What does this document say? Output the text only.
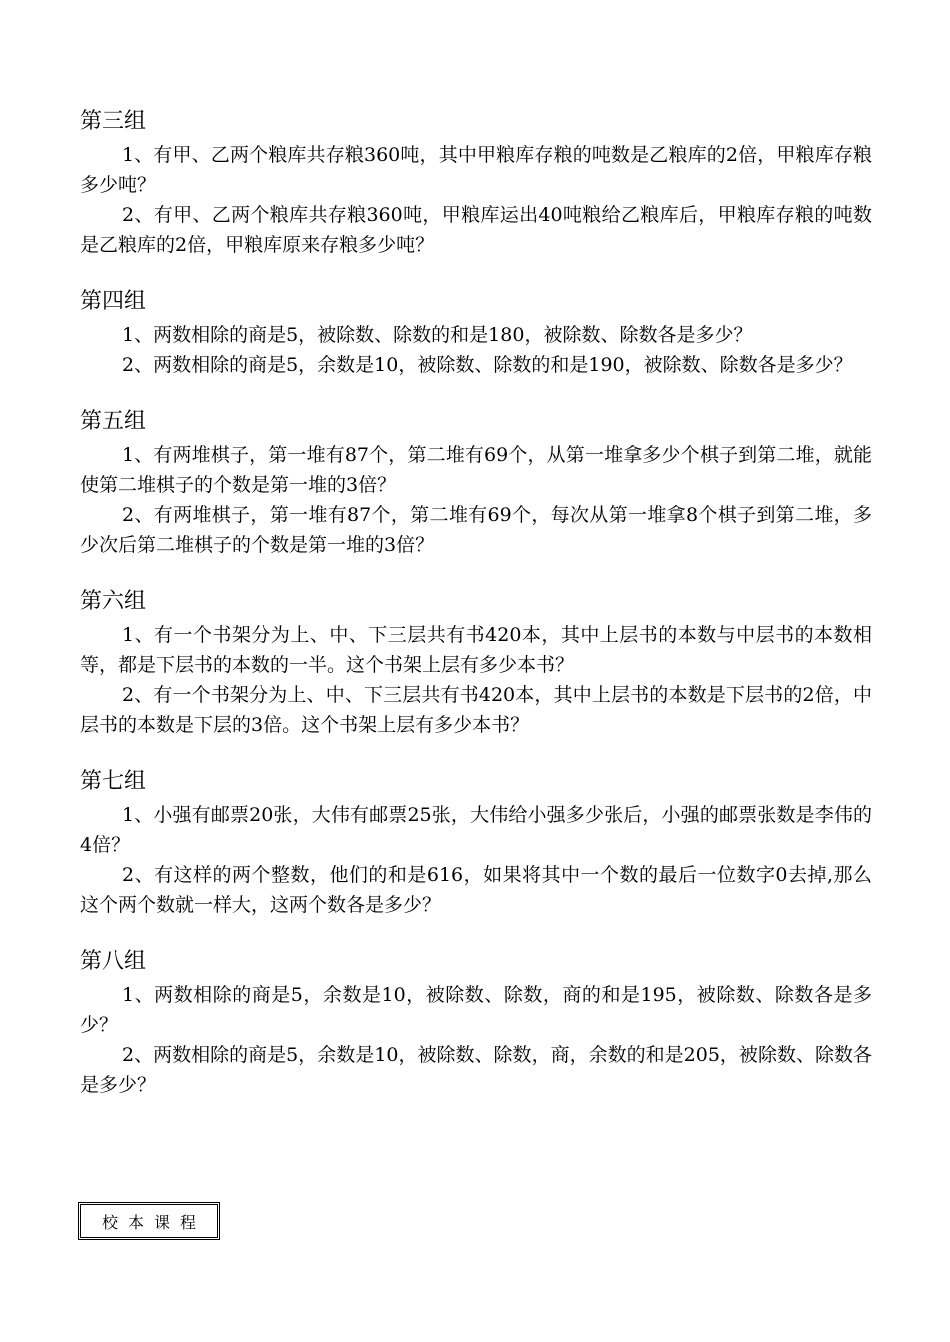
第三组

1、有甲、乙两个粮库共存粮360吨，其中甲粮库存粮的吨数是乙粮库的2倍，甲粮库存粮多少吨？

2、有甲、乙两个粮库共存粮360吨，甲粮库运出40吨粮给乙粮库后，甲粮库存粮的吨数是乙粮库的2倍，甲粮库原来存粮多少吨？

第四组

1、两数相除的商是5，被除数、除数的和是180，被除数、除数各是多少？

2、两数相除的商是5，余数是10，被除数、除数的和是190，被除数、除数各是多少？

第五组

1、有两堆棋子，第一堆有87个，第二堆有69个，从第一堆拿多少个棋子到第二堆，就能使第二堆棋子的个数是第一堆的3倍？

2、有两堆棋子，第一堆有87个，第二堆有69个，每次从第一堆拿8个棋子到第二堆，多少次后第二堆棋子的个数是第一堆的3倍？

第六组

1、有一个书架分为上、中、下三层共有书420本，其中上层书的本数与中层书的本数相等，都是下层书的本数的一半。这个书架上层有多少本书？

2、有一个书架分为上、中、下三层共有书420本，其中上层书的本数是下层书的2倍，中层书的本数是下层的3倍。这个书架上层有多少本书？

第七组

1、小强有邮票20张，大伟有邮票25张，大伟给小强多少张后，小强的邮票张数是李伟的4倍？

2、有这样的两个整数，他们的和是616，如果将其中一个数的最后一位数字0去掉,那么这个两个数就一样大，这两个数各是多少？

第八组

1、两数相除的商是5，余数是10，被除数、除数，商的和是195，被除数、除数各是多少？

2、两数相除的商是5，余数是10，被除数、除数，商，余数的和是205，被除数、除数各是多少？

校本课程
